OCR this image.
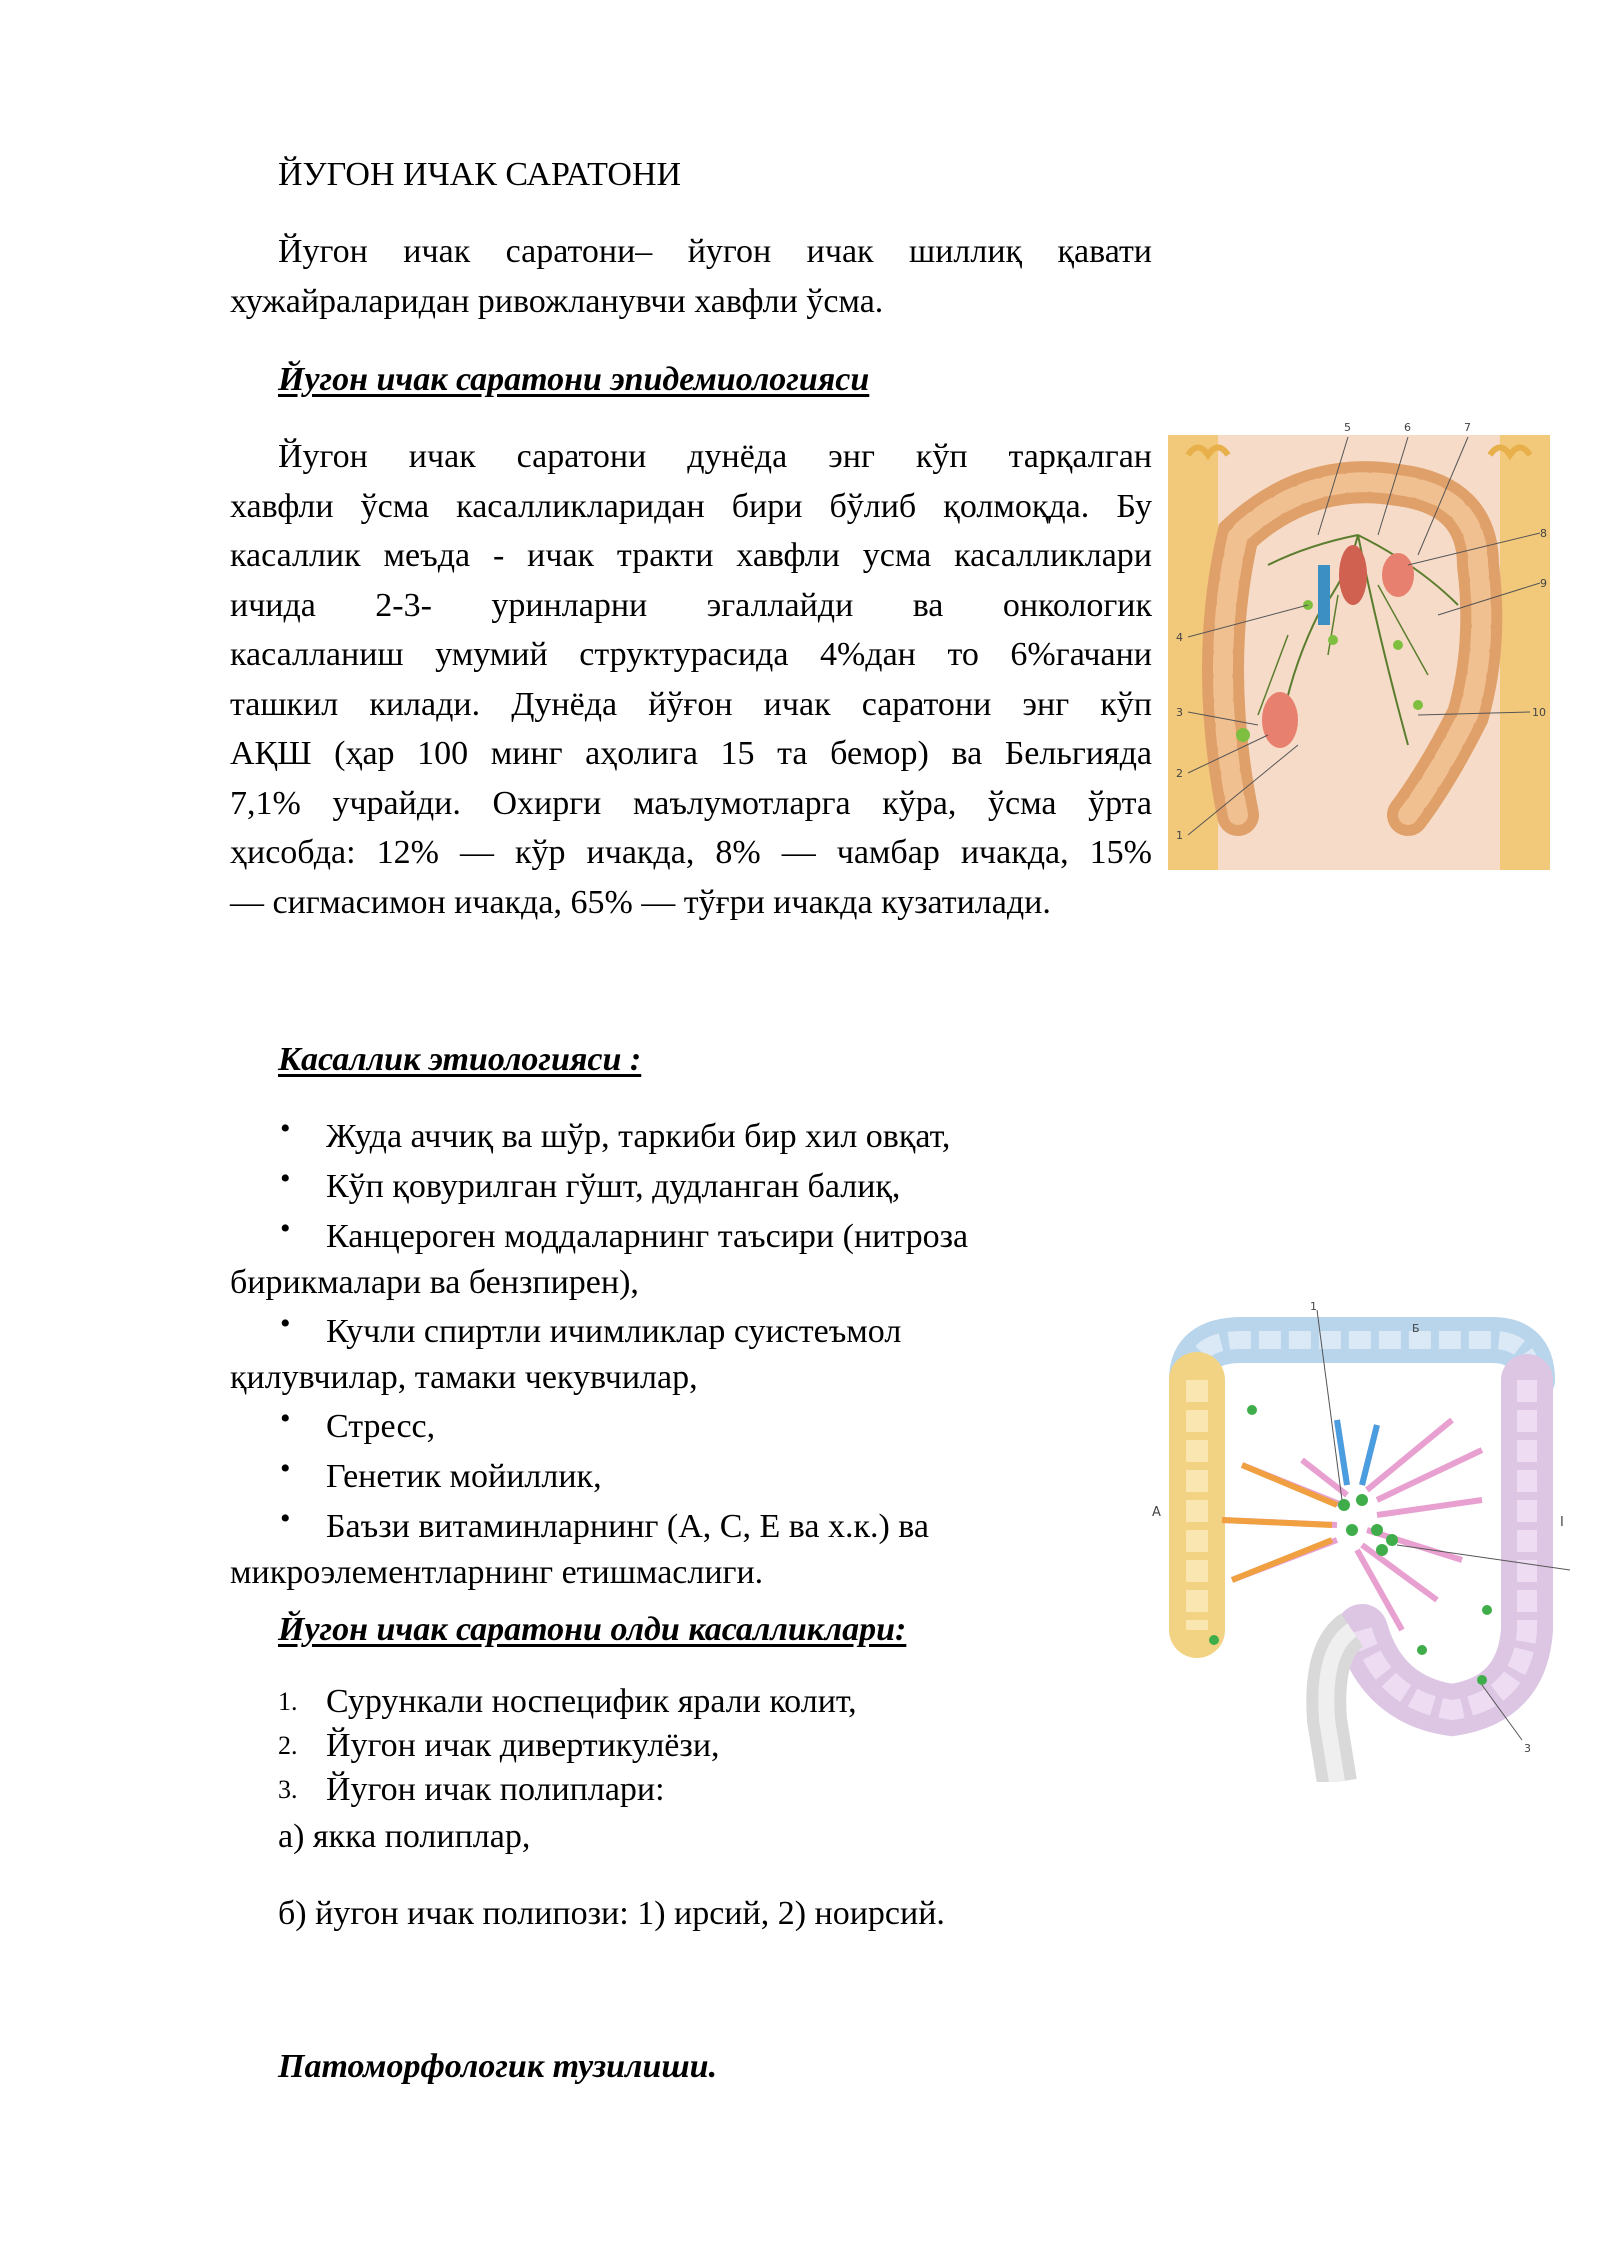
ЙУГОН ИЧАК САРАТОНИ
Йугон ичак саратони– йугон ичак шиллиқ қавати
хужайраларидан ривожланувчи хавфли ўсма.
Йугон ичак саратони эпидемиологияси
Йугон ичак саратони дунёда энг кўп тарқалган
хавфли ўсма касалликларидан бири бўлиб қолмоқда. Бу
касаллик меъда - ичак тракти хавфли усма касалликлари
ичида 2-3- уринларни эгаллайди ва онкологик
касалланиш умумий структурасида 4%дан то 6%гачани
ташкил килади. Дунёда йўғон ичак саратони энг кўп
АҚШ (ҳар 100 минг аҳолига 15 та бемор) ва Бельгияда
7,1% учрайди. Охирги маълумотларга кўра, ўсма ўрта
ҳисобда: 12% — кўр ичакда, 8% — чамбар ичакда, 15%
— сигмасимон ичакда, 65% — тўғри ичакда кузатилади.
5	6	7
8
9
4
3	10
2
1
Касаллик этиологияси :
• Жуда аччиқ ва шўр, таркиби бир хил овқат,
• Кўп қовурилган гўшт, дудланган балиқ,
• Канцероген моддаларнинг таъсири (нитроза
бирикмалари ва бензпирен),
• Кучли спиртли ичимликлар суистеъмол
қилувчилар, тамаки чекувчилар,
• Стресс,
• Генетик мойиллик,
• Баъзи витаминларнинг (А, С, Е ва х.к.) ва
микроэлементларнинг етишмаслиги.
Йугон ичак саратони олди касалликлари:
1. Сурункали носпецифик ярали колит,
2. Йугон ичак дивертикулёзи,
3. Йугон ичак полиплари:
а) якка полиплар,
б) йугон ичак полипози: 1) ирсий, 2) ноирсий.
Патоморфологик тузилиши.
1
Б
А
I
3
